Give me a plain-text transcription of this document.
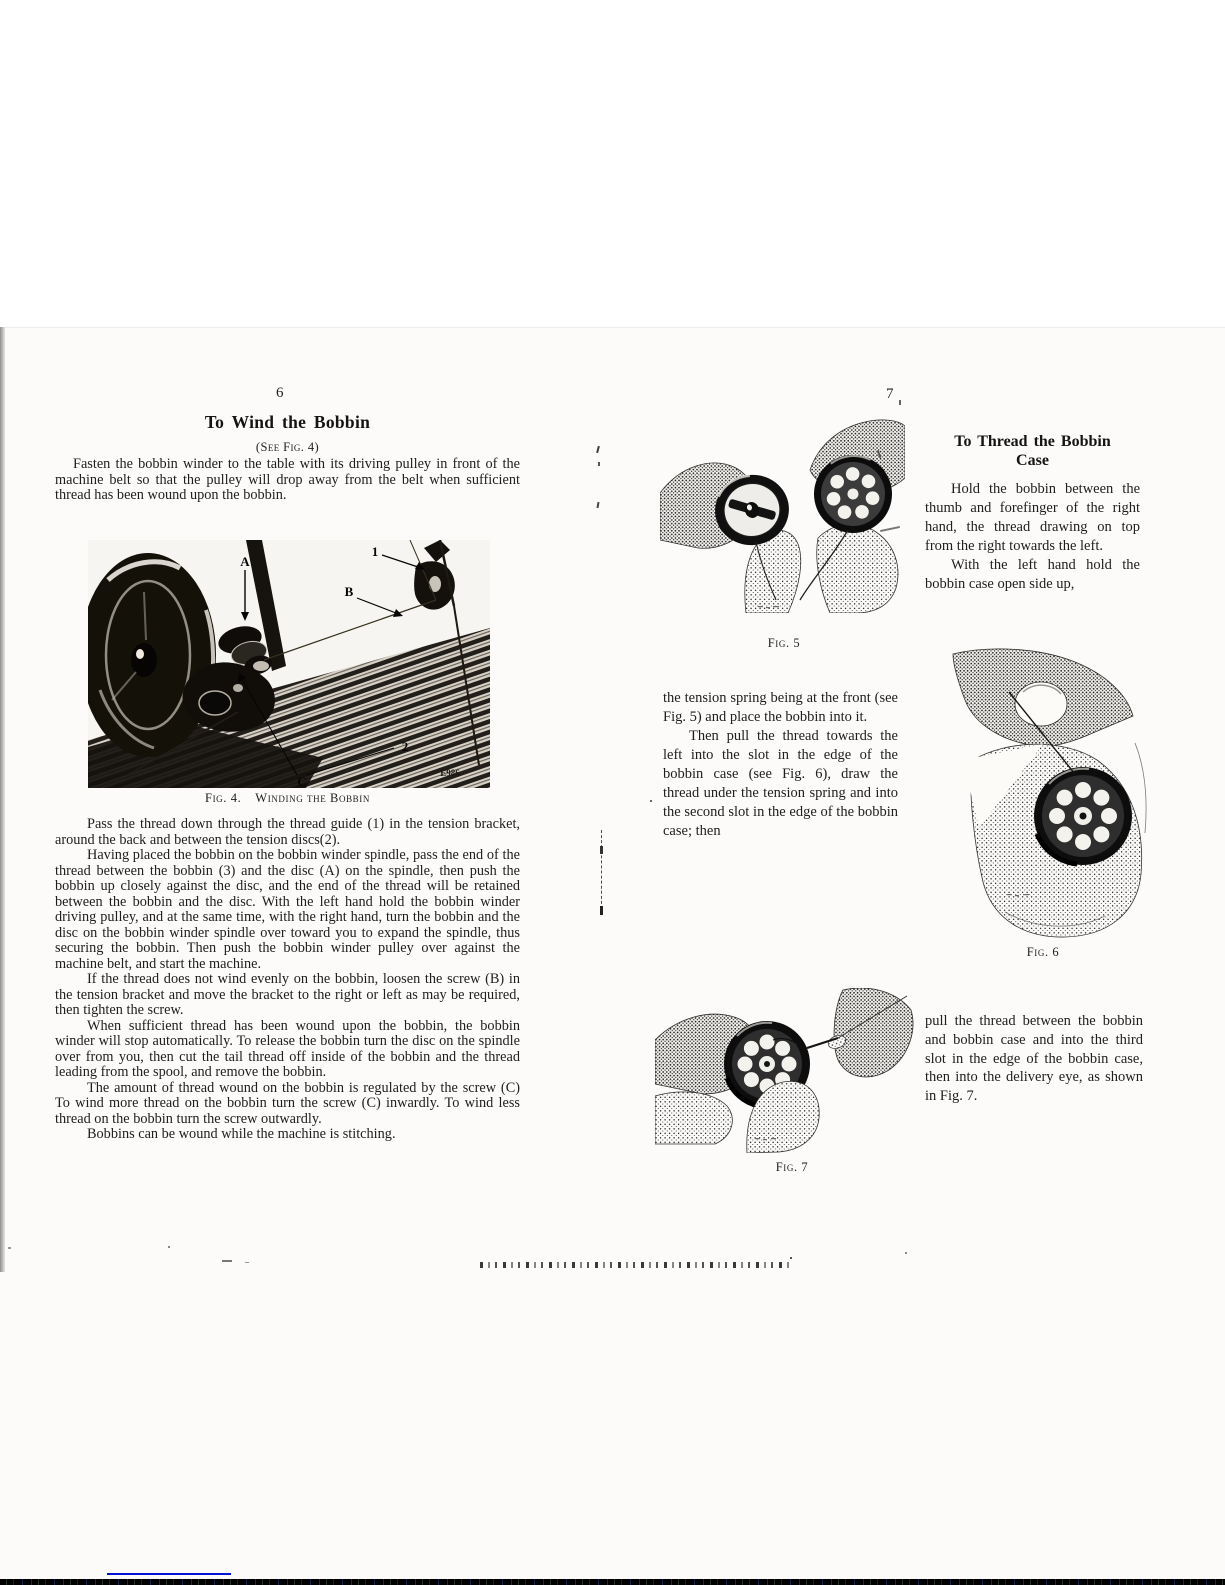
6
To Wind the Bobbin
(See Fig. 4)

Fasten the bobbin winder to the table with its driving pulley in front of the machine belt so that the pulley will drop away from the belt when sufficient thread has been wound upon the bobbin.

A
1
B
C
2
E986
Fig. 4. Winding the Bobbin

Pass the thread down through the thread guide (1) in the tension bracket, around the back and between the tension discs(2).

Having placed the bobbin on the bobbin winder spindle, pass the end of the thread between the bobbin (3) and the disc (A) on the spindle, then push the bobbin up closely against the disc, and the end of the thread will be retained between the bobbin and the disc. With the left hand hold the bobbin winder driving pulley, and at the same time, with the right hand, turn the bobbin and the disc on the bobbin winder spindle over toward you to expand the spindle, thus securing the bobbin. Then push the bobbin winder pulley over against the machine belt, and start the machine.

If the thread does not wind evenly on the bobbin, loosen the screw (B) in the tension bracket and move the bracket to the right or left as may be required, then tighten the screw.

When sufficient thread has been wound upon the bobbin, the bobbin winder will stop automatically. To release the bobbin turn the disc on the spindle over from you, then cut the tail thread off inside of the bobbin and the thread leading from the spool, and remove the bobbin.

The amount of thread wound on the bobbin is regulated by the screw (C) To wind more thread on the bobbin turn the screw (C) inwardly. To wind less thread on the bobbin turn the screw outwardly.

Bobbins can be wound while the machine is stitching.

7
Fig. 5

the tension spring being at the front (see Fig. 5) and place the bobbin into it.

Then pull the thread towards the left into the slot in the edge of the bobbin case (see Fig. 6), draw the thread under the tension spring and into the second slot in the edge of the bobbin case; then

Fig. 7
To Thread the Bobbin
Case

Hold the bobbin between the thumb and forefinger of the right hand, the thread drawing on top from the right towards the left.

With the left hand hold the bobbin case open side up,

Fig. 6

pull the thread between the bobbin and bobbin case and into the third slot in the edge of the bobbin case, then into the delivery eye, as shown in Fig. 7.
